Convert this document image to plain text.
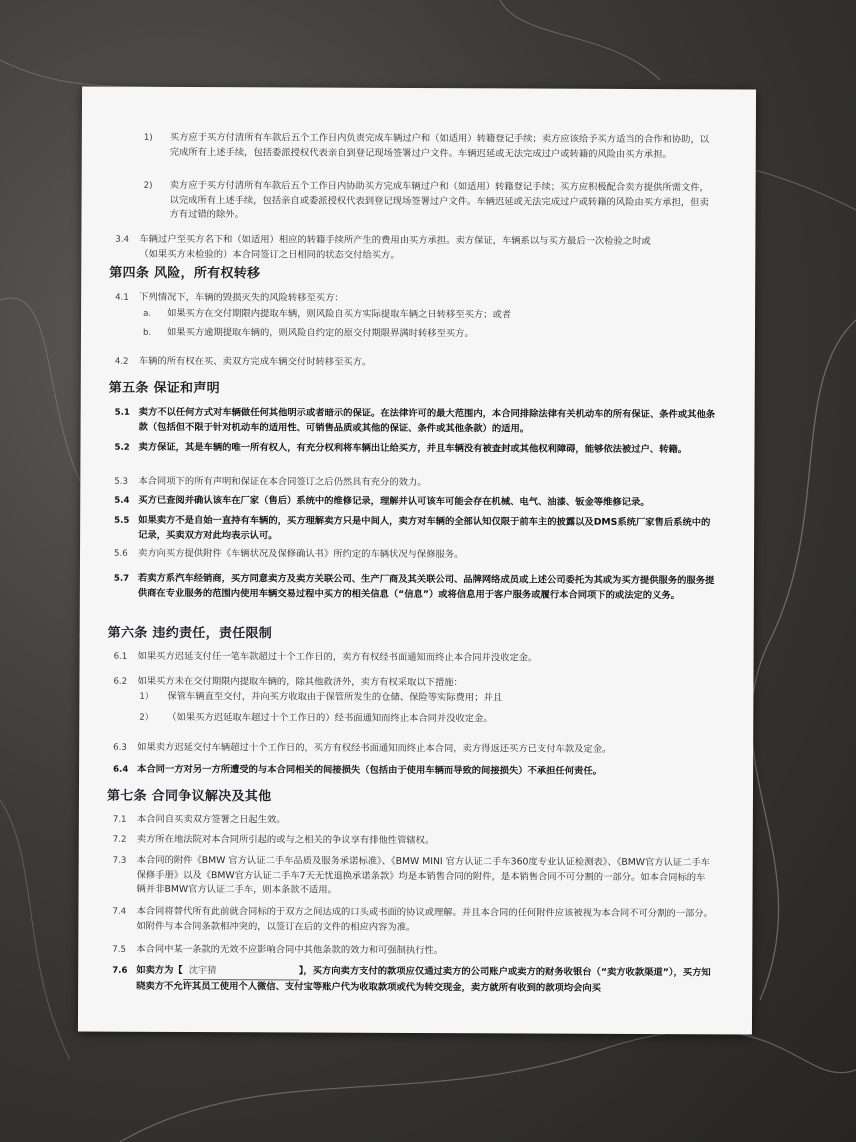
1) 买方应于买方付清所有车款后五个工作日内负责完成车辆过户和（如适用）转籍登记手续；卖方应该给予买方适当的合作和协助，以完成所有上述手续，包括委派授权代表亲自到登记现场签署过户文件。车辆迟延或无法完成过户或转籍的风险由买方承担。
2) 卖方应于买方付清所有车款后五个工作日内协助买方完成车辆过户和（如适用）转籍登记手续；买方应积极配合卖方提供所需文件，以完成所有上述手续，包括亲自或委派授权代表到登记现场签署过户文件。车辆迟延或无法完成过户或转籍的风险由买方承担，但卖方有过错的除外。
3.4 车辆过户至买方名下和（如适用）相应的转籍手续所产生的费用由买方承担。卖方保证，车辆系以与买方最后一次检验之时或（如果买方未检验的）本合同签订之日相同的状态交付给买方。
第四条 风险，所有权转移
4.1 下列情况下，车辆的毁损灭失的风险转移至买方：
a. 如果买方在交付期限内提取车辆，则风险自买方实际提取车辆之日转移至买方；或者
b. 如果买方逾期提取车辆的，则风险自约定的原交付期限界满时转移至买方。
4.2 车辆的所有权在买、卖双方完成车辆交付时转移至买方。
第五条 保证和声明
5.1 卖方不以任何方式对车辆做任何其他明示或者暗示的保证。在法律许可的最大范围内，本合同排除法律有关机动车的所有保证、条件或其他条款（包括但不限于针对机动车的适用性、可销售品质或其他的保证、条件或其他条款）的适用。
5.2 卖方保证，其是车辆的唯一所有权人，有充分权利将车辆出让给买方，并且车辆没有被查封或其他权利障碍，能够依法被过户、转籍。
5.3 本合同项下的所有声明和保证在本合同签订之后仍然具有充分的效力。
5.4 买方已查阅并确认该车在厂家（售后）系统中的维修记录，理解并认可该车可能会存在机械、电气、油漆、钣金等维修记录。
5.5 如果卖方不是自始一直持有车辆的，买方理解卖方只是中间人，卖方对车辆的全部认知仅限于前车主的披露以及DMS系统厂家售后系统中的记录，买卖双方对此均表示认可。
5.6 卖方向买方提供附件《车辆状况及保修确认书》所约定的车辆状况与保修服务。
5.7 若卖方系汽车经销商，买方同意卖方及卖方关联公司、生产厂商及其关联公司、品牌网络成员或上述公司委托为其或为买方提供服务的服务提供商在专业服务的范围内使用车辆交易过程中买方的相关信息（“信息”）或将信息用于客户服务或履行本合同项下的或法定的义务。
第六条 违约责任，责任限制
6.1 如果买方迟延支付任一笔车款超过十个工作日的，卖方有权经书面通知而终止本合同并没收定金。
6.2 如果买方未在交付期限内提取车辆的，除其他救济外，卖方有权采取以下措施：
1） 保管车辆直至交付，并向买方收取由于保管所发生的仓储、保险等实际费用；并且
2） （如果买方迟延取车超过十个工作日的）经书面通知而终止本合同并没收定金。
6.3 如果卖方迟延交付车辆超过十个工作日的，买方有权经书面通知而终止本合同，卖方得返还买方已支付车款及定金。
6.4 本合同一方对另一方所遭受的与本合同相关的间接损失（包括由于使用车辆而导致的间接损失）不承担任何责任。
第七条 合同争议解决及其他
7.1 本合同自买卖双方签署之日起生效。
7.2 卖方所在地法院对本合同所引起的或与之相关的争议享有排他性管辖权。
7.3 本合同的附件《BMW 官方认证二手车品质及服务承诺标准》、《BMW MINI 官方认证二手车360度专业认证检测表》、《BMW官方认证二手车保修手册》以及《BMW官方认证二手车7天无忧退换承诺条款》均是本销售合同的附件，是本销售合同不可分割的一部分。如本合同标的车辆并非BMW官方认证二手车，则本条款不适用。
7.4 本合同将替代所有此前就合同标的于双方之间达成的口头或书面的协议或理解。并且本合同的任何附件应该被视为本合同不可分割的一部分。如附件与本合同条款相冲突的，以签订在后的文件的相应内容为准。
7.5 本合同中某一条款的无效不应影响合同中其他条款的效力和可强制执行性。
7.6 如卖方为【 沈宇猜	】，买方向卖方支付的款项应仅通过卖方的公司账户或卖方的财务收银台（“卖方收款渠道”），买方知晓卖方不允许其员工使用个人微信、支付宝等账户代为收取款项或代为转交现金，卖方就所有收到的款项均会向买
